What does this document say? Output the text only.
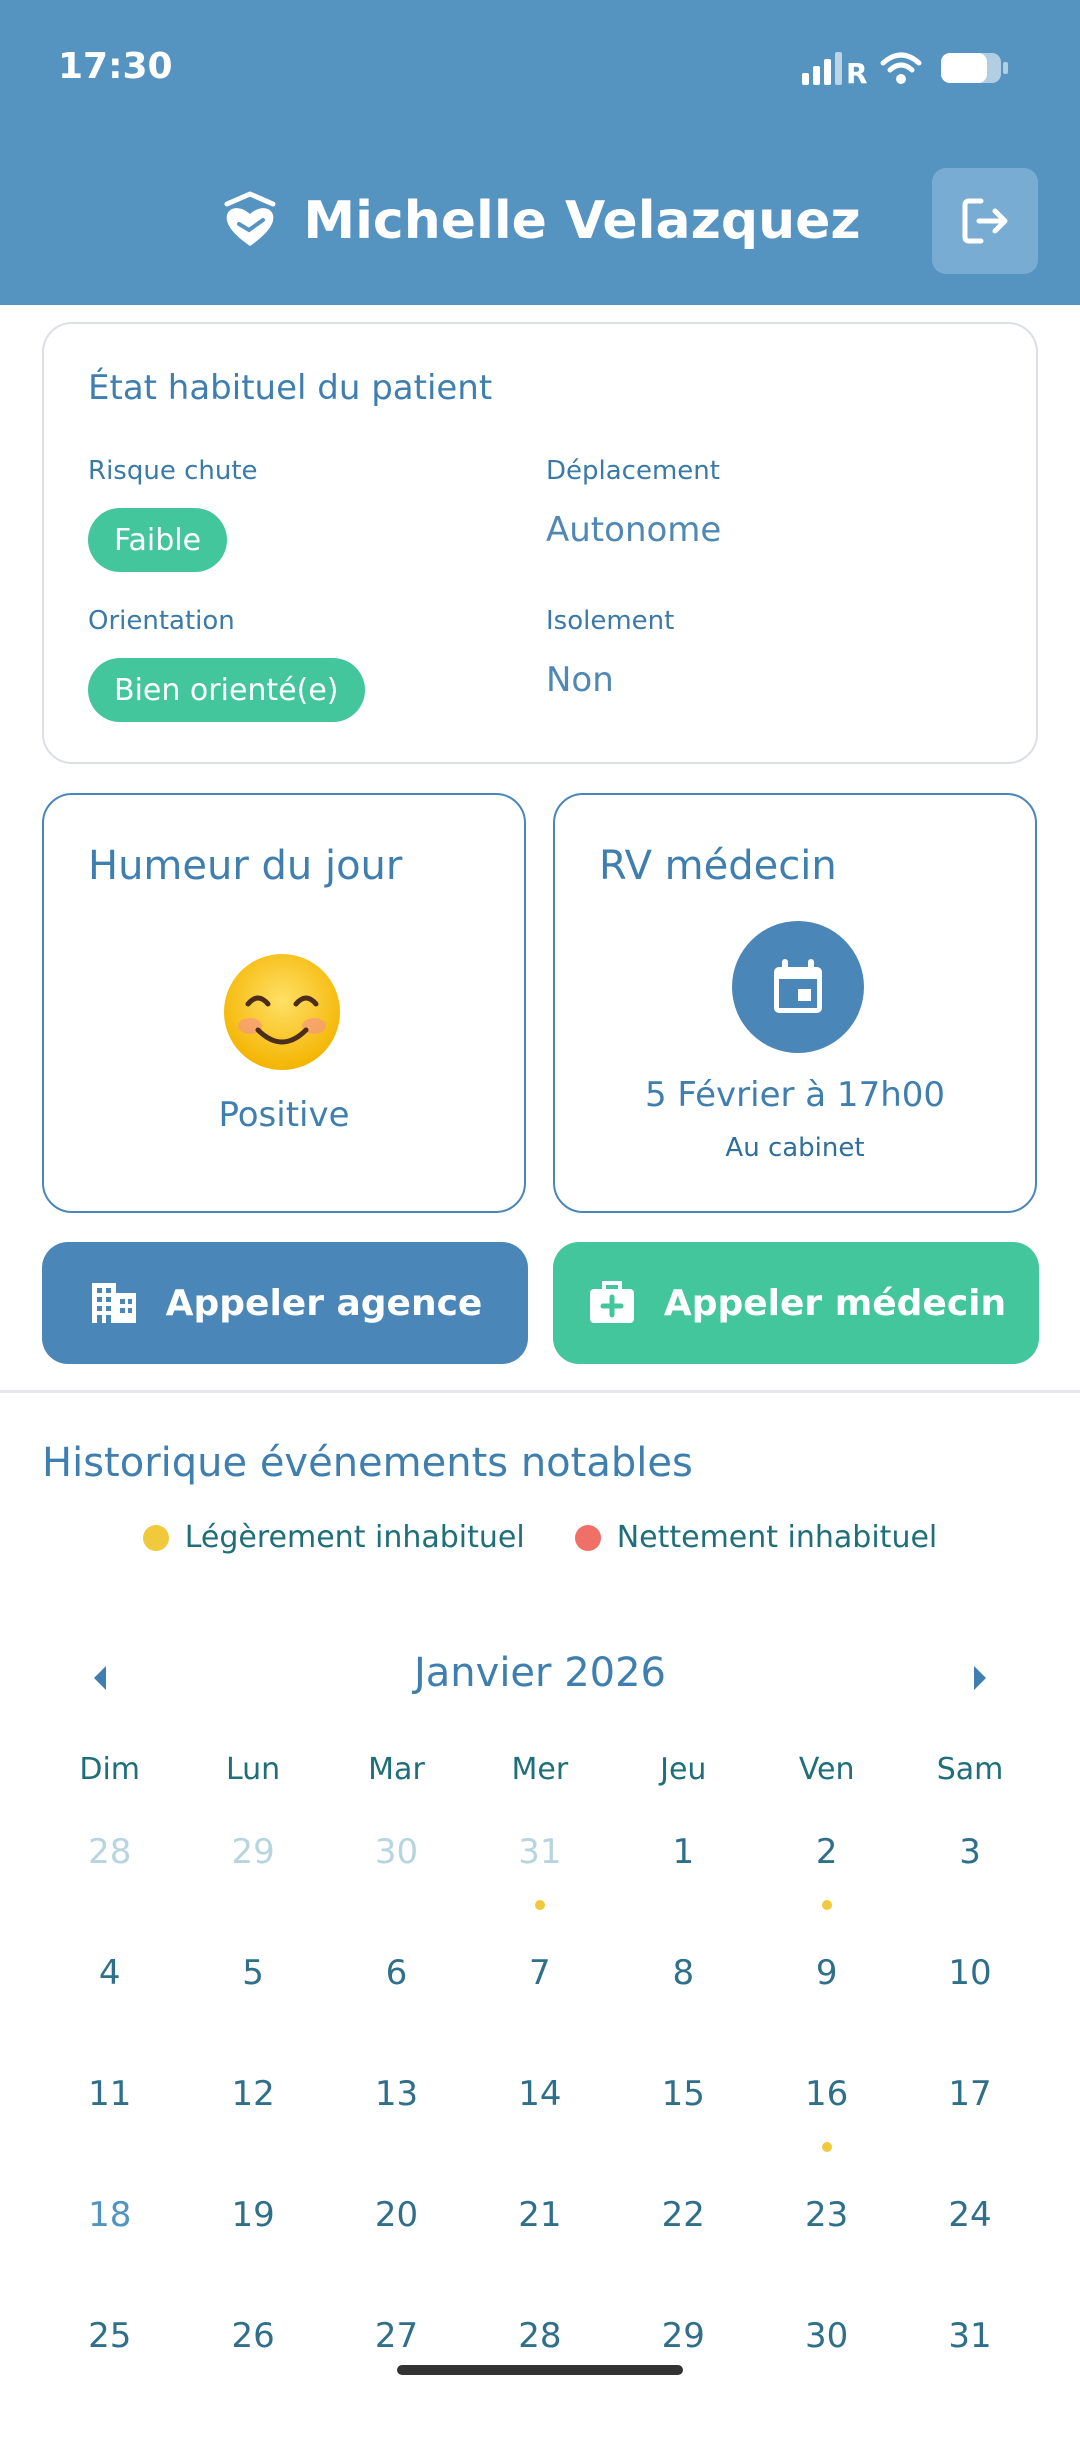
17:30	R
Michelle Velazquez
État habituel du patient
Risque chute
Faible
Déplacement
Autonome
Orientation
Bien orienté(e)
Isolement
Non
Humeur du jour
Positive
RV médecin
5 Février à 17h00
Au cabinet
Appeler agence	Appeler médecin
Historique événements notables
Légèrement inhabituel	Nettement inhabituel
Janvier 2026
Dim	Lun	Mar	Mer	Jeu	Ven	Sam
28	29	30	31	1	2	3
4	5	6	7	8	9	10
11	12	13	14	15	16	17
18	19	20	21	22	23	24
25	26	27	28	29	30	31
